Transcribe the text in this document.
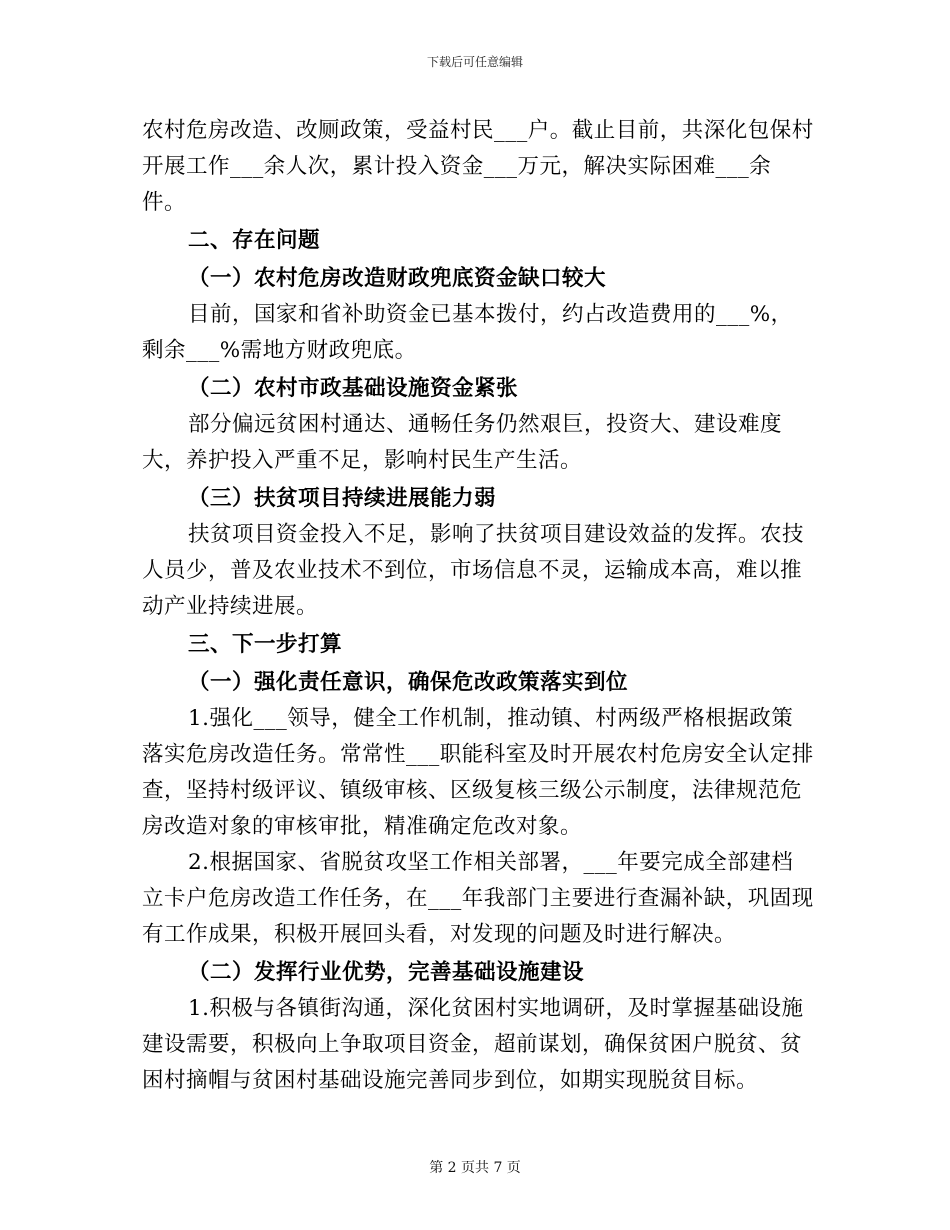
下载后可任意编辑

农村危房改造、改厕政策，受益村民___户。截止目前，共深化包保村开展工作___余人次，累计投入资金___万元，解决实际困难___余件。

二、存在问题

（一）农村危房改造财政兜底资金缺口较大

目前，国家和省补助资金已基本拨付，约占改造费用的___%，剩余___%需地方财政兜底。

（二）农村市政基础设施资金紧张

部分偏远贫困村通达、通畅任务仍然艰巨，投资大、建设难度大，养护投入严重不足，影响村民生产生活。

（三）扶贫项目持续进展能力弱

扶贫项目资金投入不足，影响了扶贫项目建设效益的发挥。农技人员少，普及农业技术不到位，市场信息不灵，运输成本高，难以推动产业持续进展。

三、下一步打算

（一）强化责任意识，确保危改政策落实到位

1.强化___领导，健全工作机制，推动镇、村两级严格根据政策落实危房改造任务。常常性___职能科室及时开展农村危房安全认定排查，坚持村级评议、镇级审核、区级复核三级公示制度，法律规范危房改造对象的审核审批，精准确定危改对象。

2.根据国家、省脱贫攻坚工作相关部署，___年要完成全部建档立卡户危房改造工作任务，在___年我部门主要进行查漏补缺，巩固现有工作成果，积极开展回头看，对发现的问题及时进行解决。

（二）发挥行业优势，完善基础设施建设

1.积极与各镇街沟通，深化贫困村实地调研，及时掌握基础设施建设需要，积极向上争取项目资金，超前谋划，确保贫困户脱贫、贫困村摘帽与贫困村基础设施完善同步到位，如期实现脱贫目标。

第 2 页共 7 页
